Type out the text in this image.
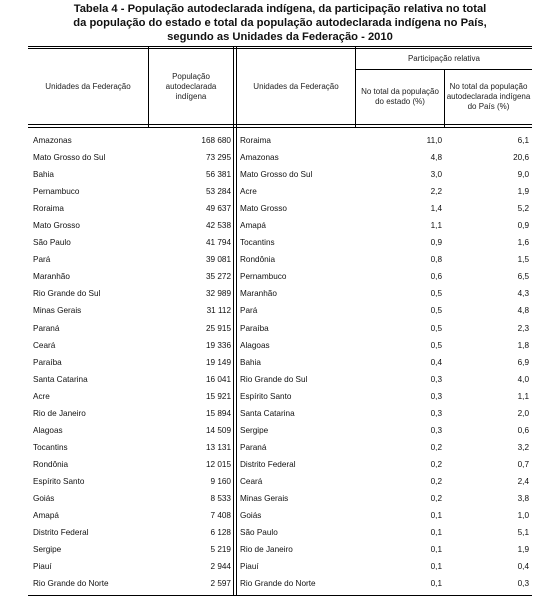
Tabela 4 - População autodeclarada indígena, da participação relativa no total
da população do estado e total da população autodeclarada indígena no País,
segundo as Unidades da Federação - 2010
Unidades da Federação
População
autodeclarada
indígena
Unidades da Federação
Participação relativa
No total da população
do estado (%)
No total da população
autodeclarada indígena
do País (%)
Amazonas	168 680 Roraima	11,0	6,1
Mato Grosso do Sul	73 295 Amazonas	4,8	20,6
Bahia	56 381 Mato Grosso do Sul	3,0	9,0
Pernambuco	53 284 Acre	2,2	1,9
Roraima	49 637 Mato Grosso	1,4	5,2
Mato Grosso	42 538 Amapá	1,1	0,9
São Paulo	41 794 Tocantins	0,9	1,6
Pará	39 081 Rondônia	0,8	1,5
Maranhão	35 272 Pernambuco	0,6	6,5
Rio Grande do Sul	32 989 Maranhão	0,5	4,3
Minas Gerais	31 112 Pará	0,5	4,8
Paraná	25 915 Paraíba	0,5	2,3
Ceará	19 336 Alagoas	0,5	1,8
Paraíba	19 149 Bahia	0,4	6,9
Santa Catarina	16 041 Rio Grande do Sul	0,3	4,0
Acre	15 921 Espírito Santo	0,3	1,1
Rio de Janeiro	15 894 Santa Catarina	0,3	2,0
Alagoas	14 509 Sergipe	0,3	0,6
Tocantins	13 131 Paraná	0,2	3,2
Rondônia	12 015 Distrito Federal	0,2	0,7
Espírito Santo	9 160 Ceará	0,2	2,4
Goiás	8 533 Minas Gerais	0,2	3,8
Amapá	7 408 Goiás	0,1	1,0
Distrito Federal	6 128 São Paulo	0,1	5,1
Sergipe	5 219 Rio de Janeiro	0,1	1,9
Piauí	2 944 Piauí	0,1	0,4
Rio Grande do Norte	2 597 Rio Grande do Norte	0,1	0,3
